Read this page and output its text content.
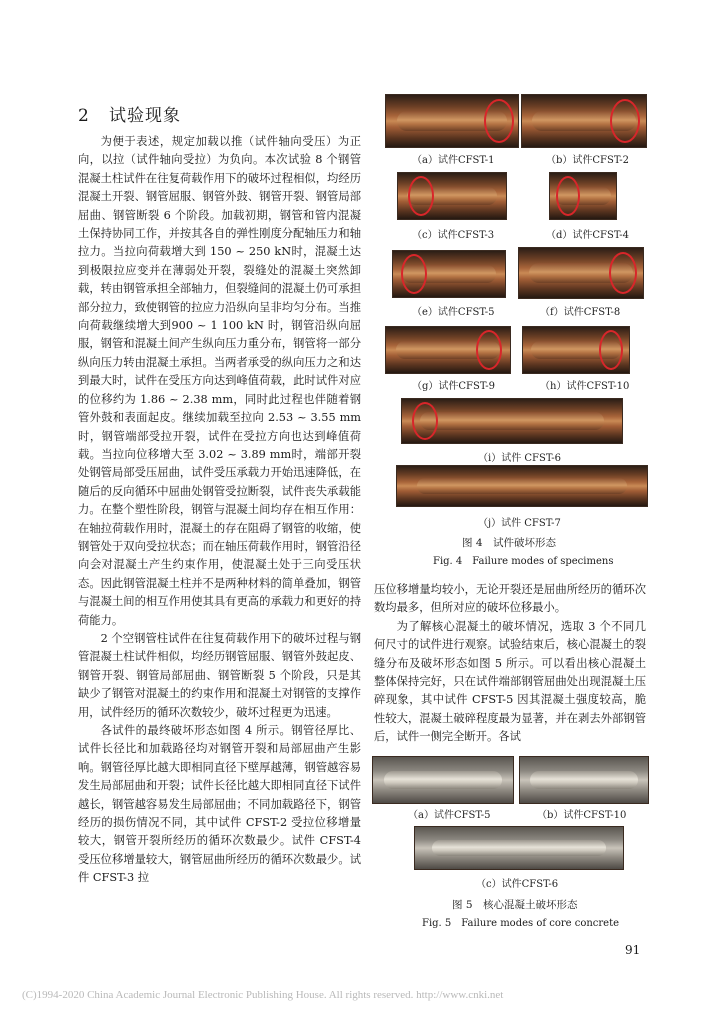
2 试验现象

为便于表述，规定加载以推（试件轴向受压）为正向，以拉（试件轴向受拉）为负向。本次试验 8 个钢管混凝土柱试件在往复荷载作用下的破坏过程相似，均经历混凝土开裂、钢管屈服、钢管外鼓、钢管开裂、钢管局部屈曲、钢管断裂 6 个阶段。加载初期，钢管和管内混凝土保持协同工作，并按其各自的弹性刚度分配轴压力和轴拉力。当拉向荷载增大到 150 ~ 250 kN时，混凝土达到极限拉应变并在薄弱处开裂，裂缝处的混凝土突然卸载，转由钢管承担全部轴力，但裂缝间的混凝土仍可承担部分拉力，致使钢管的拉应力沿纵向呈非均匀分布。当推向荷载继续增大到900 ~ 1 100 kN 时，钢管沿纵向屈服，钢管和混凝土间产生纵向压力重分布，钢管将一部分纵向压力转由混凝土承担。当两者承受的纵向压力之和达到最大时，试件在受压方向达到峰值荷载，此时试件对应的位移约为 1.86 ~ 2.38 mm，同时此过程也伴随着钢管外鼓和表面起皮。继续加载至拉向 2.53 ~ 3.55 mm时，钢管端部受拉开裂，试件在受拉方向也达到峰值荷载。当拉向位移增大至 3.02 ~ 3.89 mm时，端部开裂处钢管局部受压屈曲，试件受压承载力开始迅速降低，在随后的反向循环中屈曲处钢管受拉断裂，试件丧失承载能力。在整个塑性阶段，钢管与混凝土间均存在相互作用：在轴拉荷载作用时，混凝土的存在阻碍了钢管的收缩，使钢管处于双向受拉状态；而在轴压荷载作用时，钢管沿径向会对混凝土产生约束作用，使混凝土处于三向受压状态。因此钢管混凝土柱并不是两种材料的简单叠加，钢管与混凝土间的相互作用使其具有更高的承载力和更好的持荷能力。

2 个空钢管柱试件在往复荷载作用下的破坏过程与钢管混凝土柱试件相似，均经历钢管屈服、钢管外鼓起皮、钢管开裂、钢管局部屈曲、钢管断裂 5 个阶段，只是其缺少了钢管对混凝土的约束作用和混凝土对钢管的支撑作用，试件经历的循环次数较少，破坏过程更为迅速。

各试件的最终破坏形态如图 4 所示。钢管径厚比、试件长径比和加载路径均对钢管开裂和局部屈曲产生影响。钢管径厚比越大即相同直径下壁厚越薄，钢管越容易发生局部屈曲和开裂；试件长径比越大即相同直径下试件越长，钢管越容易发生局部屈曲；不同加载路径下，钢管经历的损伤情况不同，其中试件 CFST-2 受拉位移增量较大，钢管开裂所经历的循环次数最少。试件 CFST-4 受压位移增量较大，钢管屈曲所经历的循环次数最少。试件 CFST-3 拉

（a）试件CFST-1	（b）试件CFST-2
（c）试件CFST-3	（d）试件CFST-4
（e）试件CFST-5	（f）试件CFST-8
（g）试件CFST-9	（h）试件CFST-10
（i）试件 CFST-6
（j）试件 CFST-7
图 4　试件破坏形态
Fig. 4　Failure modes of specimens

压位移增量均较小，无论开裂还是屈曲所经历的循环次数均最多，但所对应的破坏位移最小。

为了解核心混凝土的破坏情况，选取 3 个不同几何尺寸的试件进行观察。试验结束后，核心混凝土的裂缝分布及破坏形态如图 5 所示。可以看出核心混凝土整体保持完好，只在试件端部钢管屈曲处出现混凝土压碎现象，其中试件 CFST-5 因其混凝土强度较高，脆性较大，混凝土破碎程度最为显著，并在剥去外部钢管后，试件一侧完全断开。各试

（a）试件CFST-5	（b）试件CFST-10
（c）试件CFST-6
图 5　核心混凝土破坏形态
Fig. 5　Failure modes of core concrete
91
(C)1994-2020 China Academic Journal Electronic Publishing House. All rights reserved. http://www.cnki.net
